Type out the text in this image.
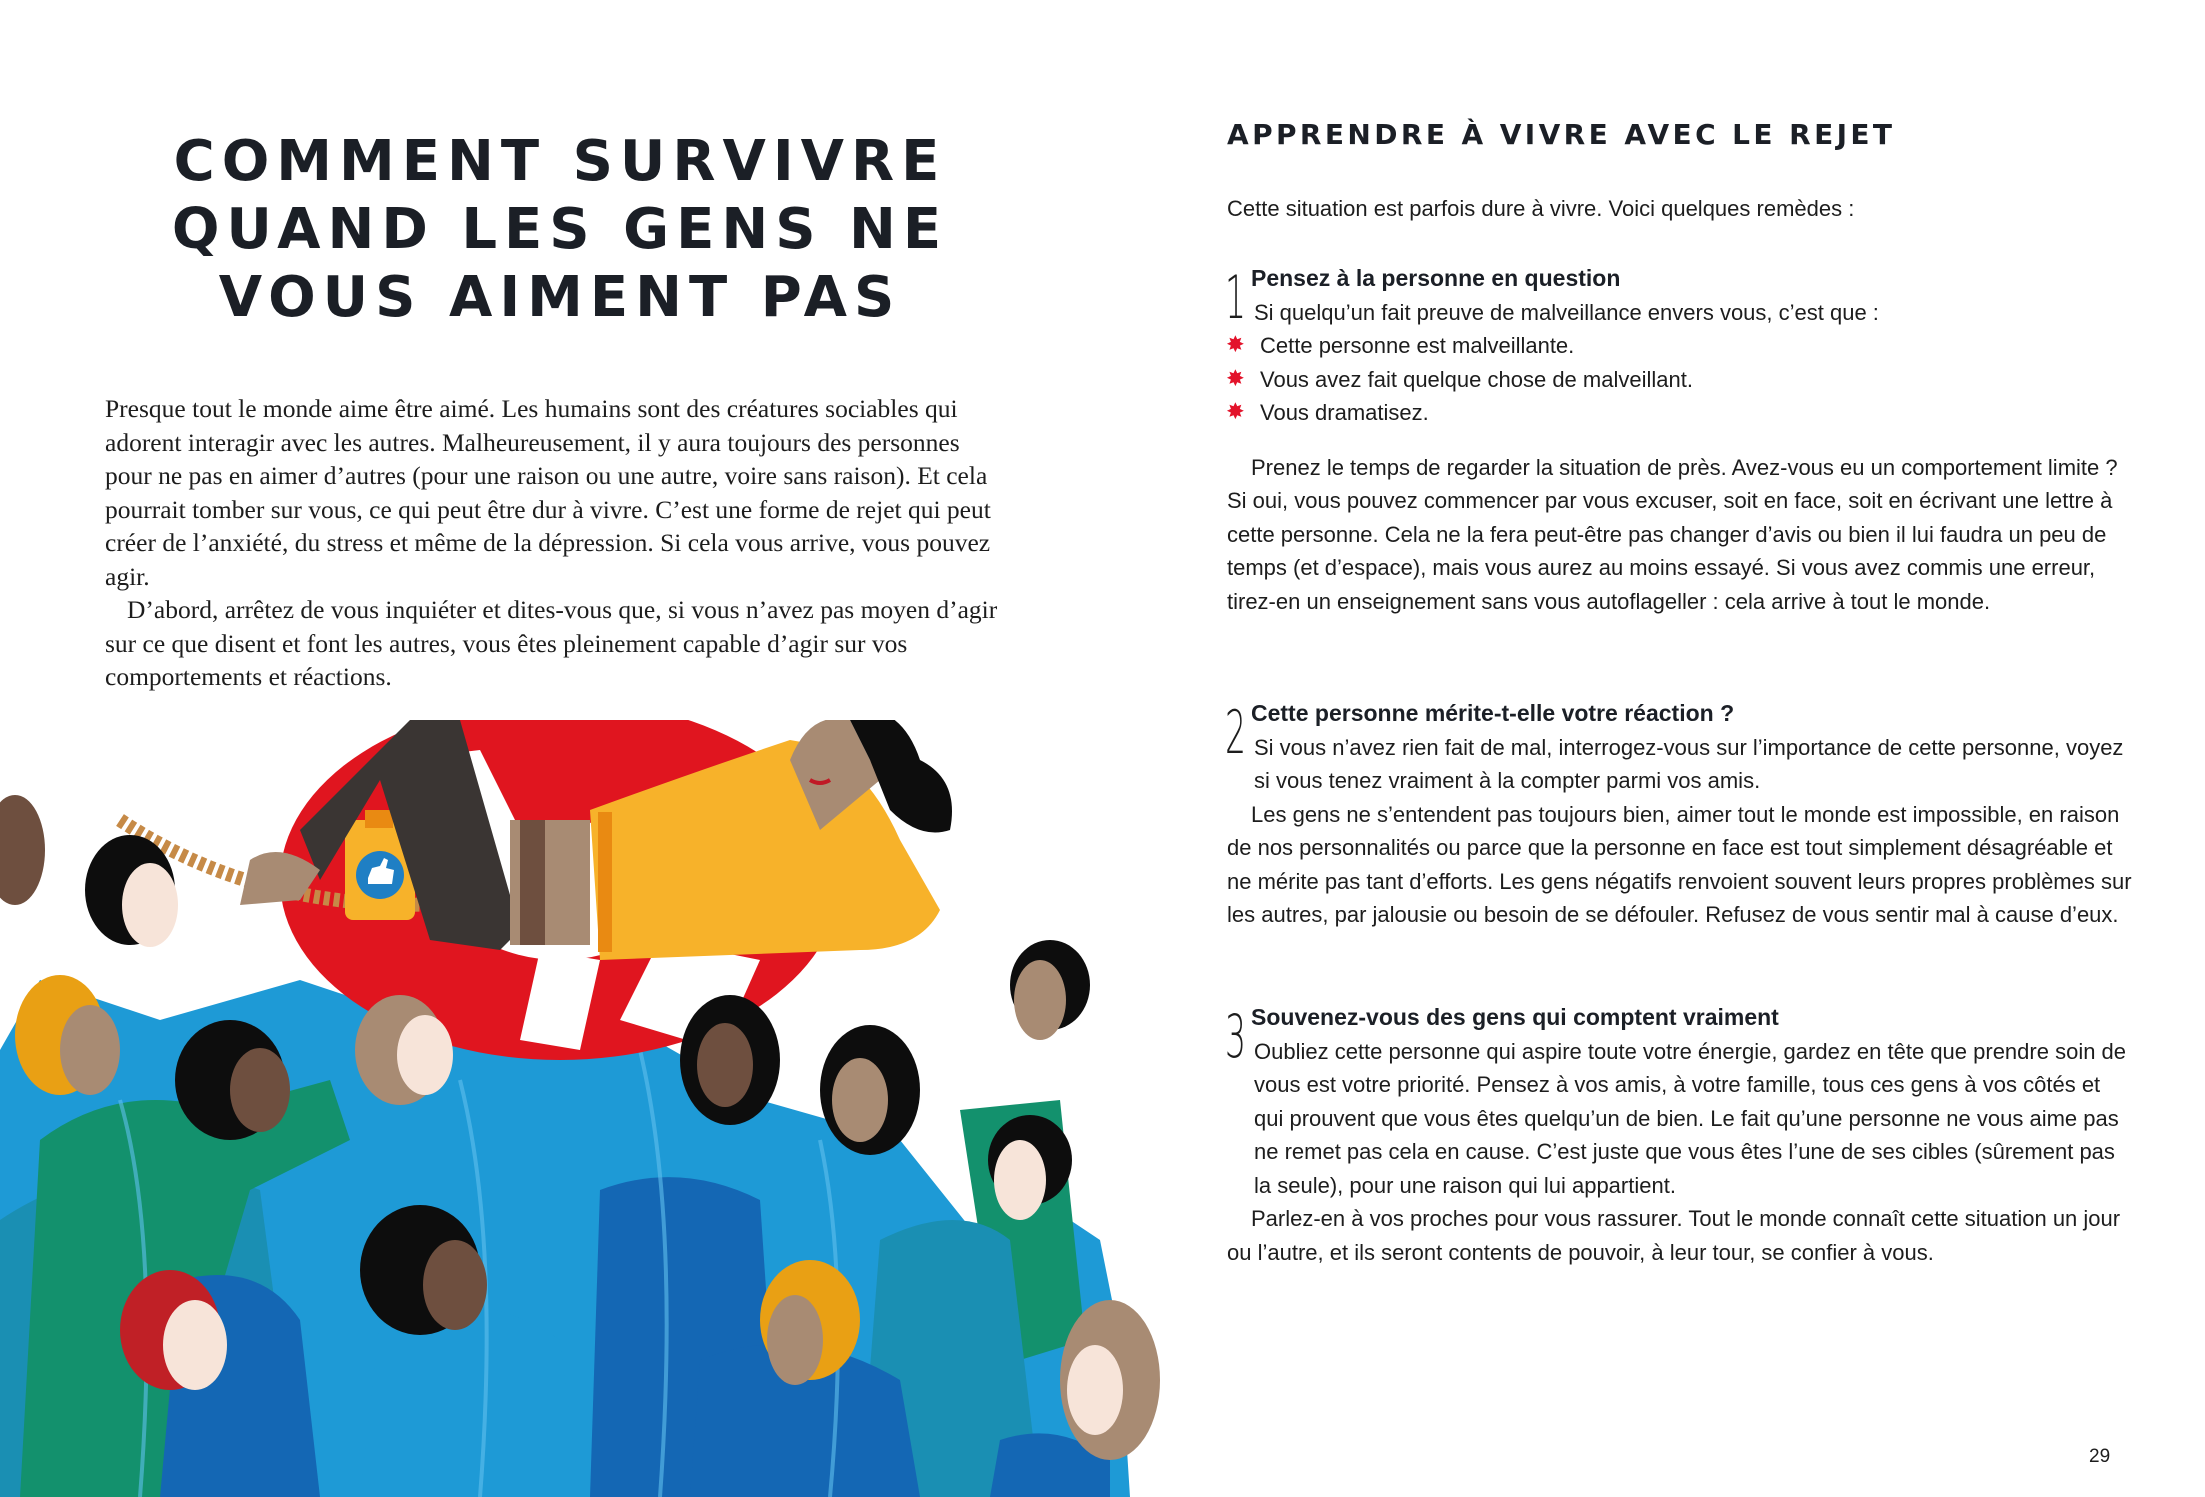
COMMENT SURVIVRE
QUAND LES GENS NE
VOUS AIMENT PAS

Presque tout le monde aime être aimé. Les humains sont des créatures sociables qui adorent interagir avec les autres. Malheureusement, il y aura toujours des personnes pour ne pas en aimer d’autres (pour une raison ou une autre, voire sans raison). Et cela pourrait tomber sur vous, ce qui peut être dur à vivre. C’est une forme de rejet qui peut créer de l’anxiété, du stress et même de la dépression. Si cela vous arrive, vous pouvez agir.

D’abord, arrêtez de vous inquiéter et dites-vous que, si vous n’avez pas moyen d’agir sur ce que disent et font les autres, vous êtes pleinement capable d’agir sur vos comportements et réactions.

APPRENDRE À VIVRE AVEC LE REJET

Cette situation est parfois dure à vivre. Voici quelques remèdes :

1 Pensez à la personne en question

Si quelqu’un fait preuve de malveillance envers vous, c’est que :

✸ Cette personne est malveillante.
✸ Vous avez fait quelque chose de malveillant.
✸ Vous dramatisez.

Prenez le temps de regarder la situation de près. Avez-vous eu un comportement limite ? Si oui, vous pouvez commencer par vous excuser, soit en face, soit en écrivant une lettre à cette personne. Cela ne la fera peut-être pas changer d’avis ou bien il lui faudra un peu de temps (et d’espace), mais vous aurez au moins essayé. Si vous avez commis une erreur, tirez-en un enseignement sans vous autoflageller : cela arrive à tout le monde.

2 Cette personne mérite-t-elle votre réaction ?

Si vous n’avez rien fait de mal, interrogez-vous sur l’importance de cette personne, voyez si vous tenez vraiment à la compter parmi vos amis.

Les gens ne s’entendent pas toujours bien, aimer tout le monde est impossible, en raison de nos personnalités ou parce que la personne en face est tout simplement désagréable et ne mérite pas tant d’efforts. Les gens négatifs renvoient souvent leurs propres problèmes sur les autres, par jalousie ou besoin de se défouler. Refusez de vous sentir mal à cause d’eux.

3 Souvenez-vous des gens qui comptent vraiment

Oubliez cette personne qui aspire toute votre énergie, gardez en tête que prendre soin de vous est votre priorité. Pensez à vos amis, à votre famille, tous ces gens à vos côtés et qui prouvent que vous êtes quelqu’un de bien. Le fait qu’une personne ne vous aime pas ne remet pas cela en cause. C’est juste que vous êtes l’une de ses cibles (sûrement pas la seule), pour une raison qui lui appartient.

Parlez-en à vos proches pour vous rassurer. Tout le monde connaît cette situation un jour ou l’autre, et ils seront contents de pouvoir, à leur tour, se confier à vous.

29
